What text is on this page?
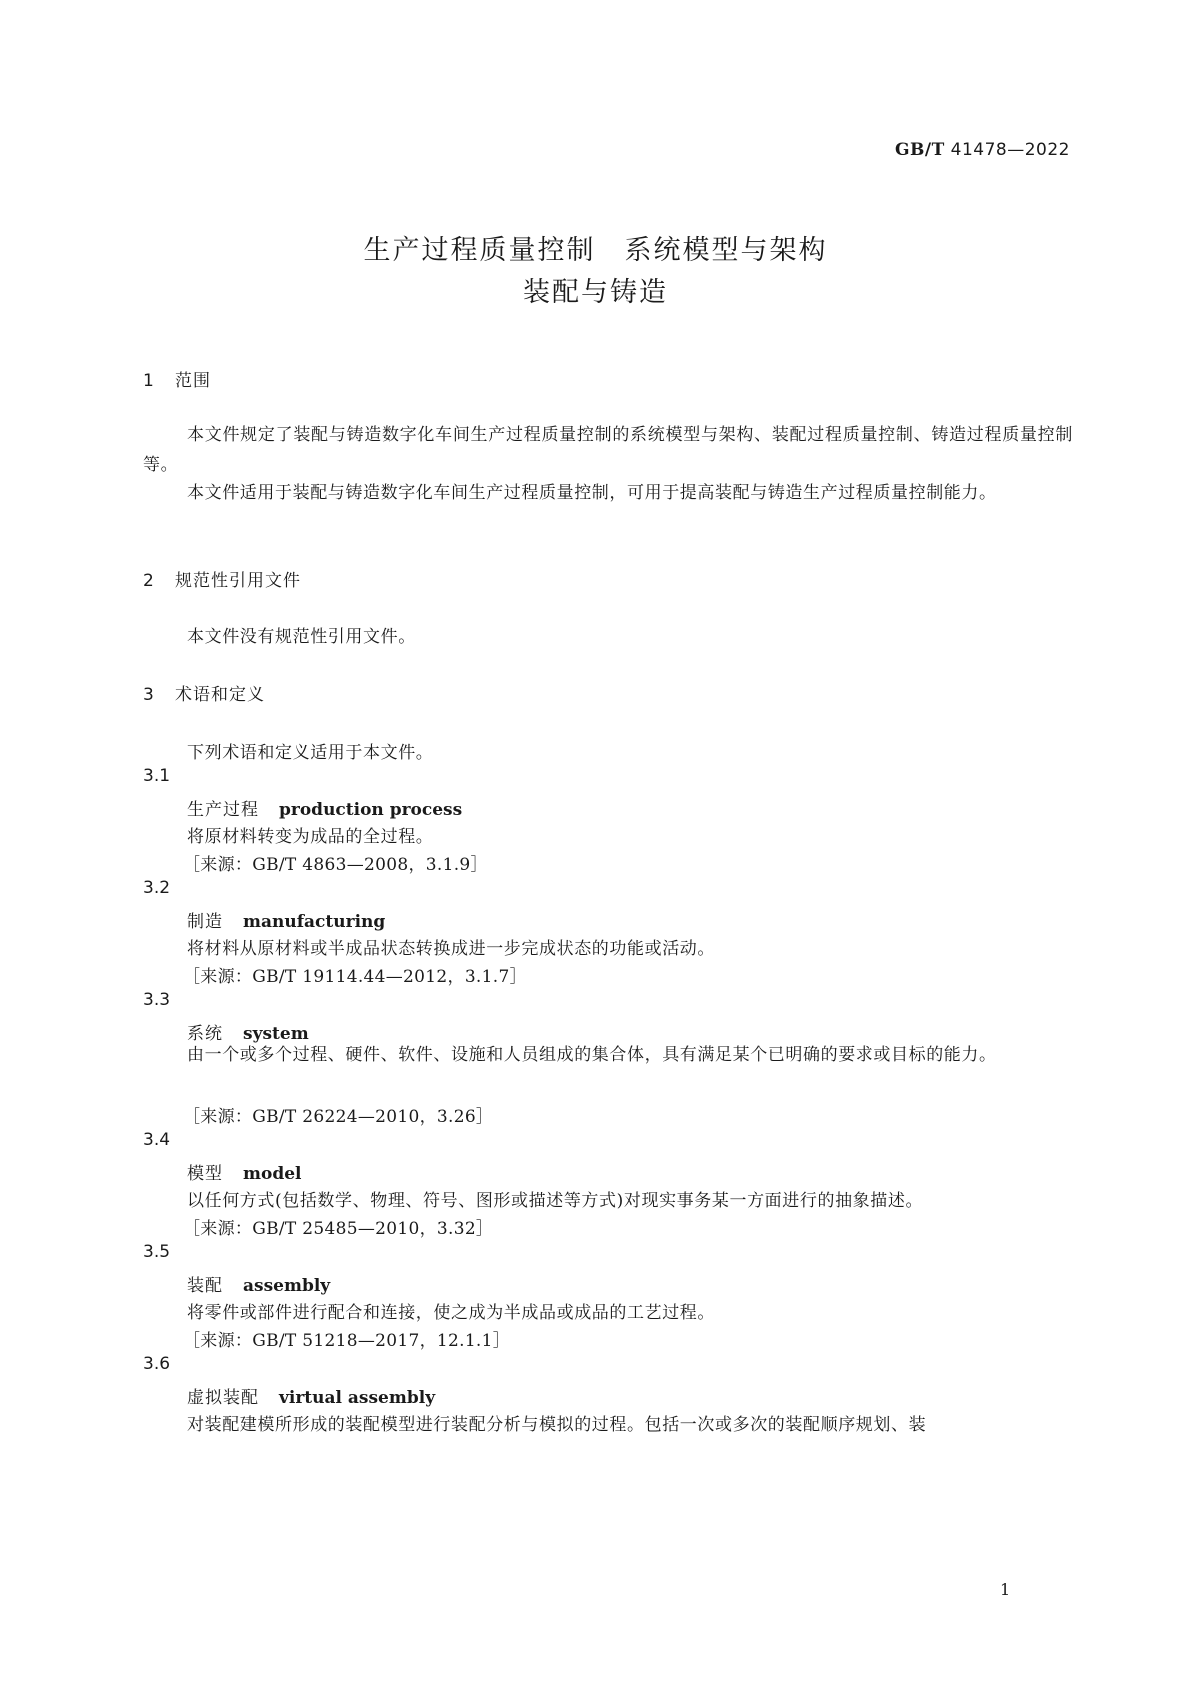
GB/T 41478—2022
生产过程质量控制　系统模型与架构
装配与铸造
1 范围
本文件规定了装配与铸造数字化车间生产过程质量控制的系统模型与架构、装配过程质量控制、铸造过程质量控制等。
本文件适用于装配与铸造数字化车间生产过程质量控制，可用于提高装配与铸造生产过程质量控制能力。
2 规范性引用文件
本文件没有规范性引用文件。
3 术语和定义
下列术语和定义适用于本文件。
3.1
生产过程 production process
将原材料转变为成品的全过程。
［来源：GB/T 4863—2008，3.1.9］
3.2
制造 manufacturing
将材料从原材料或半成品状态转换成进一步完成状态的功能或活动。
［来源：GB/T 19114.44—2012，3.1.7］
3.3
系统 system
由一个或多个过程、硬件、软件、设施和人员组成的集合体，具有满足某个已明确的要求或目标的能力。
［来源：GB/T 26224—2010，3.26］
3.4
模型 model
以任何方式(包括数学、物理、符号、图形或描述等方式)对现实事务某一方面进行的抽象描述。
［来源：GB/T 25485—2010，3.32］
3.5
装配 assembly
将零件或部件进行配合和连接，使之成为半成品或成品的工艺过程。
［来源：GB/T 51218—2017，12.1.1］
3.6
虚拟装配 virtual assembly
对装配建模所形成的装配模型进行装配分析与模拟的过程。包括一次或多次的装配顺序规划、装
1
